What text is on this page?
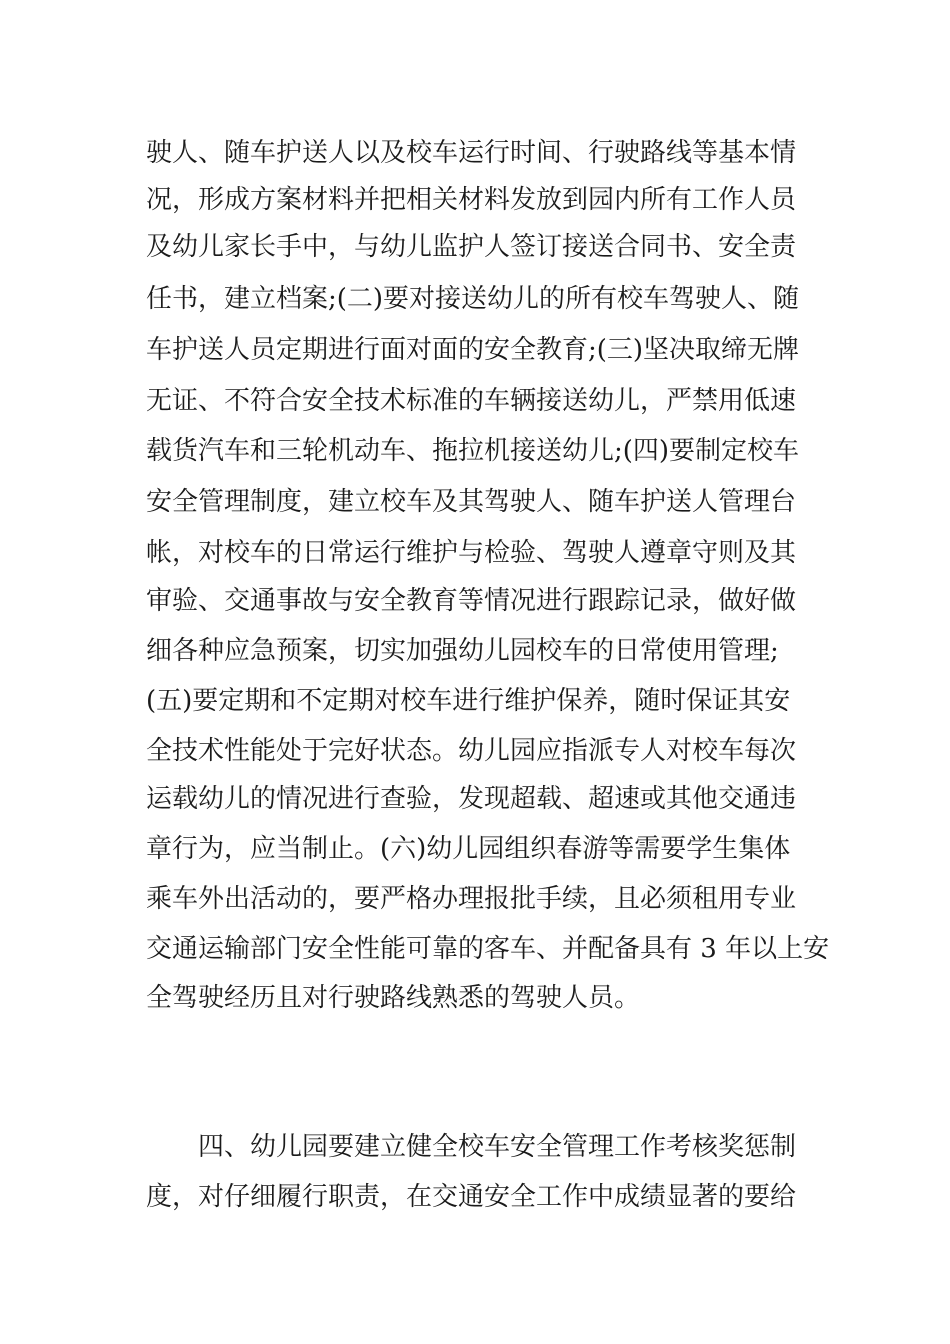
驶人、随车护送人以及校车运行时间、行驶路线等基本情
况，形成方案材料并把相关材料发放到园内所有工作人员
及幼儿家长手中，与幼儿监护人签订接送合同书、安全责
任书，建立档案;(二)要对接送幼儿的所有校车驾驶人、随
车护送人员定期进行面对面的安全教育;(三)坚决取缔无牌
无证、不符合安全技术标准的车辆接送幼儿，严禁用低速
载货汽车和三轮机动车、拖拉机接送幼儿;(四)要制定校车
安全管理制度，建立校车及其驾驶人、随车护送人管理台
帐，对校车的日常运行维护与检验、驾驶人遵章守则及其
审验、交通事故与安全教育等情况进行跟踪记录，做好做
细各种应急预案，切实加强幼儿园校车的日常使用管理;
(五)要定期和不定期对校车进行维护保养，随时保证其安
全技术性能处于完好状态。幼儿园应指派专人对校车每次
运载幼儿的情况进行查验，发现超载、超速或其他交通违
章行为，应当制止。(六)幼儿园组织春游等需要学生集体
乘车外出活动的，要严格办理报批手续，且必须租用专业
交通运输部门安全性能可靠的客车、并配备具有 3 年以上安
全驾驶经历且对行驶路线熟悉的驾驶人员。
四、幼儿园要建立健全校车安全管理工作考核奖惩制
度，对仔细履行职责，在交通安全工作中成绩显著的要给
